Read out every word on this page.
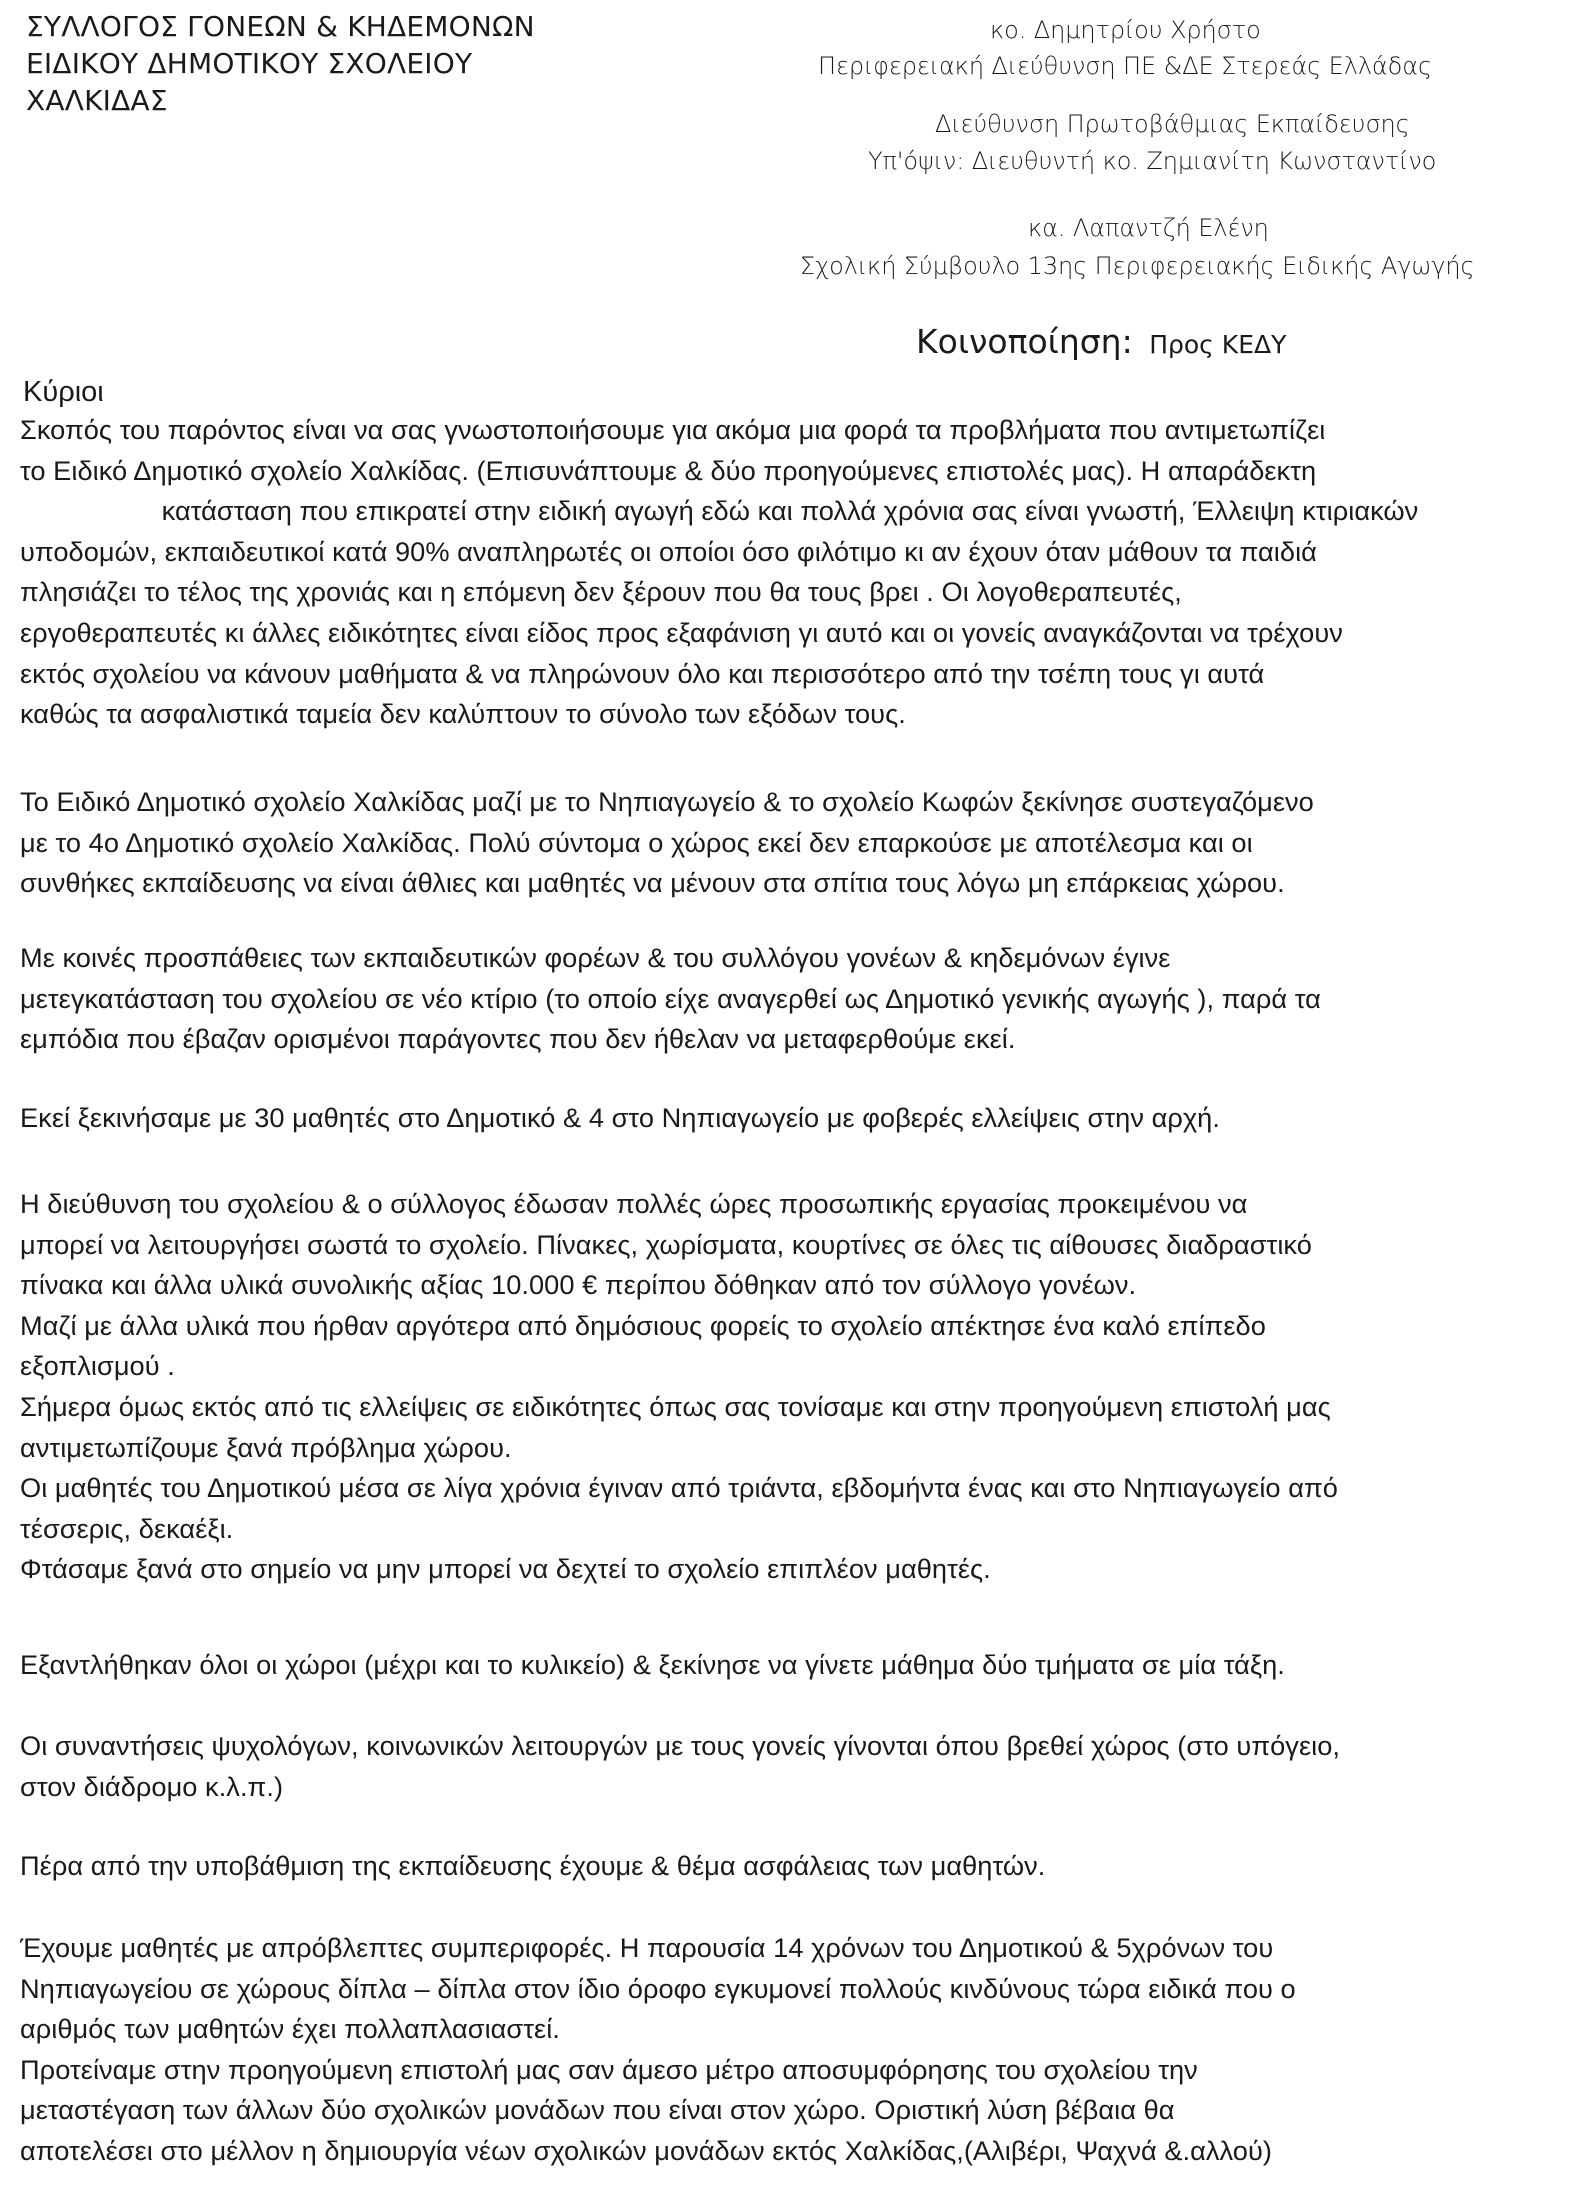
ΣΥΛΛΟΓΟΣ ΓΟΝΕΩΝ & ΚΗΔΕΜΟΝΩΝ
ΕΙΔΙΚΟΥ ΔΗΜΟΤΙΚΟΥ ΣΧΟΛΕΙΟΥ
ΧΑΛΚΙΔΑΣ
κο. Δημητρίου Χρήστο
Περιφερειακή Διεύθυνση ΠΕ &ΔΕ Στερεάς Ελλάδας
Διεύθυνση Πρωτοβάθμιας Εκπαίδευσης
Υπ'όψιν: Διευθυντή κο. Ζημιανίτη Κωνσταντίνο
κα. Λαπαντζή Ελένη
Σχολική Σύμβουλο 13ης Περιφερειακής Ειδικής Αγωγής
Κοινοποίηση: Προς ΚΕΔΥ
Κύριοι
Σκοπός του παρόντος είναι να σας γνωστοποιήσουμε για ακόμα μια φορά τα προβλήματα που αντιμετωπίζει
το Ειδικό Δημοτικό σχολείο Χαλκίδας. (Επισυνάπτουμε & δύο προηγούμενες επιστολές μας). Η απαράδεκτη
κατάσταση που επικρατεί στην ειδική αγωγή εδώ και πολλά χρόνια σας είναι γνωστή, Έλλειψη κτιριακών
υποδομών, εκπαιδευτικοί κατά 90% αναπληρωτές οι οποίοι όσο φιλότιμο κι αν έχουν όταν μάθουν τα παιδιά
πλησιάζει το τέλος της χρονιάς και η επόμενη δεν ξέρουν που θα τους βρει . Οι λογοθεραπευτές,
εργοθεραπευτές κι άλλες ειδικότητες είναι είδος προς εξαφάνιση γι αυτό και οι γονείς αναγκάζονται να τρέχουν
εκτός σχολείου να κάνουν μαθήματα & να πληρώνουν όλο και περισσότερο από την τσέπη τους γι αυτά
καθώς τα ασφαλιστικά ταμεία δεν καλύπτουν το σύνολο των εξόδων τους.
Το Ειδικό Δημοτικό σχολείο Χαλκίδας μαζί με το Νηπιαγωγείο & το σχολείο Κωφών ξεκίνησε συστεγαζόμενο
με το 4ο Δημοτικό σχολείο Χαλκίδας. Πολύ σύντομα ο χώρος εκεί δεν επαρκούσε με αποτέλεσμα και οι
συνθήκες εκπαίδευσης να είναι άθλιες και μαθητές να μένουν στα σπίτια τους λόγω μη επάρκειας χώρου.
Με κοινές προσπάθειες των εκπαιδευτικών φορέων & του συλλόγου γονέων & κηδεμόνων έγινε
μετεγκατάσταση του σχολείου σε νέο κτίριο (το οποίο είχε αναγερθεί ως Δημοτικό γενικής αγωγής ), παρά τα
εμπόδια που έβαζαν ορισμένοι παράγοντες που δεν ήθελαν να μεταφερθούμε εκεί.
Εκεί ξεκινήσαμε με 30 μαθητές στο Δημοτικό & 4 στο Νηπιαγωγείο με φοβερές ελλείψεις στην αρχή.
Η διεύθυνση του σχολείου & ο σύλλογος έδωσαν πολλές ώρες προσωπικής εργασίας προκειμένου να
μπορεί να λειτουργήσει σωστά το σχολείο. Πίνακες, χωρίσματα, κουρτίνες σε όλες τις αίθουσες διαδραστικό
πίνακα και άλλα υλικά συνολικής αξίας 10.000 € περίπου δόθηκαν από τον σύλλογο γονέων.
Μαζί με άλλα υλικά που ήρθαν αργότερα από δημόσιους φορείς το σχολείο απέκτησε ένα καλό επίπεδο
εξοπλισμού .
Σήμερα όμως εκτός από τις ελλείψεις σε ειδικότητες όπως σας τονίσαμε και στην προηγούμενη επιστολή μας
αντιμετωπίζουμε ξανά πρόβλημα χώρου.
Οι μαθητές του Δημοτικού μέσα σε λίγα χρόνια έγιναν από τριάντα, εβδομήντα ένας και στο Νηπιαγωγείο από
τέσσερις, δεκαέξι.
Φτάσαμε ξανά στο σημείο να μην μπορεί να δεχτεί το σχολείο επιπλέον μαθητές.
Εξαντλήθηκαν όλοι οι χώροι (μέχρι και το κυλικείο) & ξεκίνησε να γίνετε μάθημα δύο τμήματα σε μία τάξη.
Οι συναντήσεις ψυχολόγων, κοινωνικών λειτουργών με τους γονείς γίνονται όπου βρεθεί χώρος (στο υπόγειο,
στον διάδρομο κ.λ.π.)
Πέρα από την υποβάθμιση της εκπαίδευσης έχουμε & θέμα ασφάλειας των μαθητών.
Έχουμε μαθητές με απρόβλεπτες συμπεριφορές. Η παρουσία 14 χρόνων του Δημοτικού & 5χρόνων του
Νηπιαγωγείου σε χώρους δίπλα – δίπλα στον ίδιο όροφο εγκυμονεί πολλούς κινδύνους τώρα ειδικά που ο
αριθμός των μαθητών έχει πολλαπλασιαστεί.
Προτείναμε στην προηγούμενη επιστολή μας σαν άμεσο μέτρο αποσυμφόρησης του σχολείου την
μεταστέγαση των άλλων δύο σχολικών μονάδων που είναι στον χώρο. Οριστική λύση βέβαια θα
αποτελέσει στο μέλλον η δημιουργία νέων σχολικών μονάδων εκτός Χαλκίδας,(Αλιβέρι, Ψαχνά &.αλλού)
